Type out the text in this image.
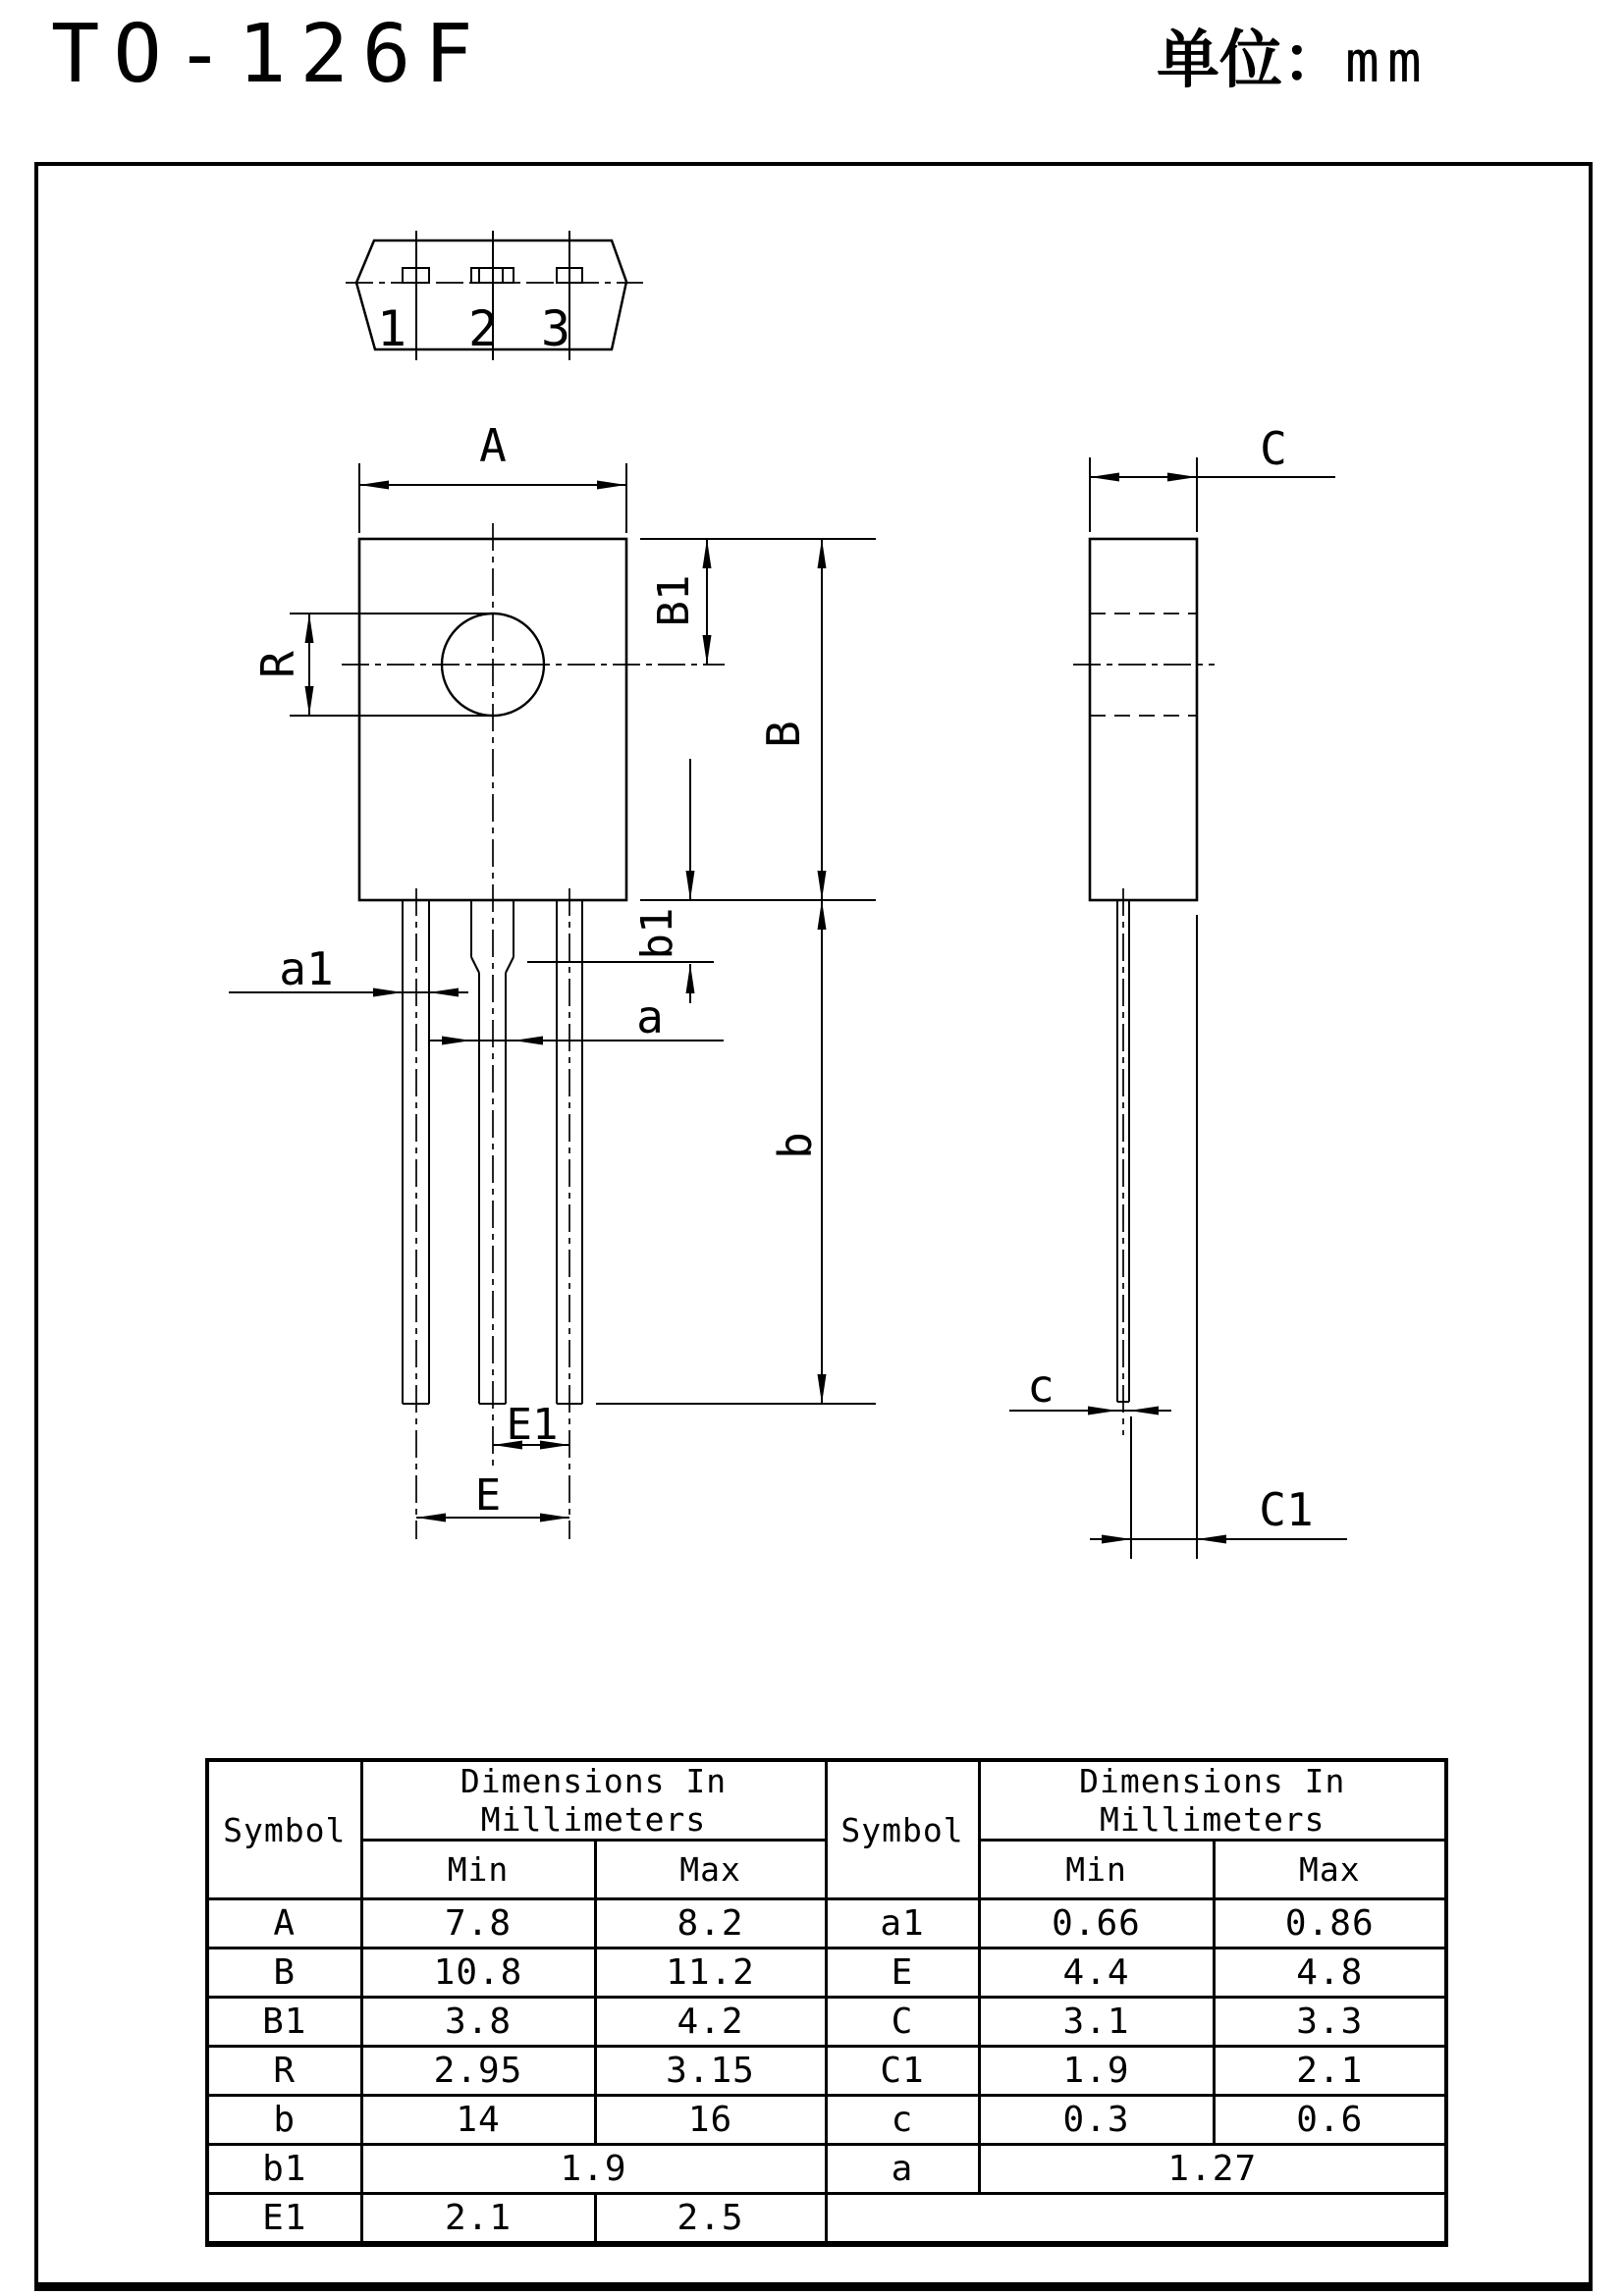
TO-126F	单位：mm
1 2 3
A
R
B1
B
b1
b
a1
a
E1
E
C
c
C1
Symbol	Dimensions In Millimeters		Symbol	Dimensions In Millimeters	
	Min	Max		Min	Max
A	7.8	8.2	a1	0.66	0.86
B	10.8	11.2	E	4.4	4.8
B1	3.8	4.2	C	3.1	3.3
R	2.95	3.15	C1	1.9	2.1
b	14	16	c	0.3	0.6
b1	1.9		a	1.27	
E1	2.1	2.5			
